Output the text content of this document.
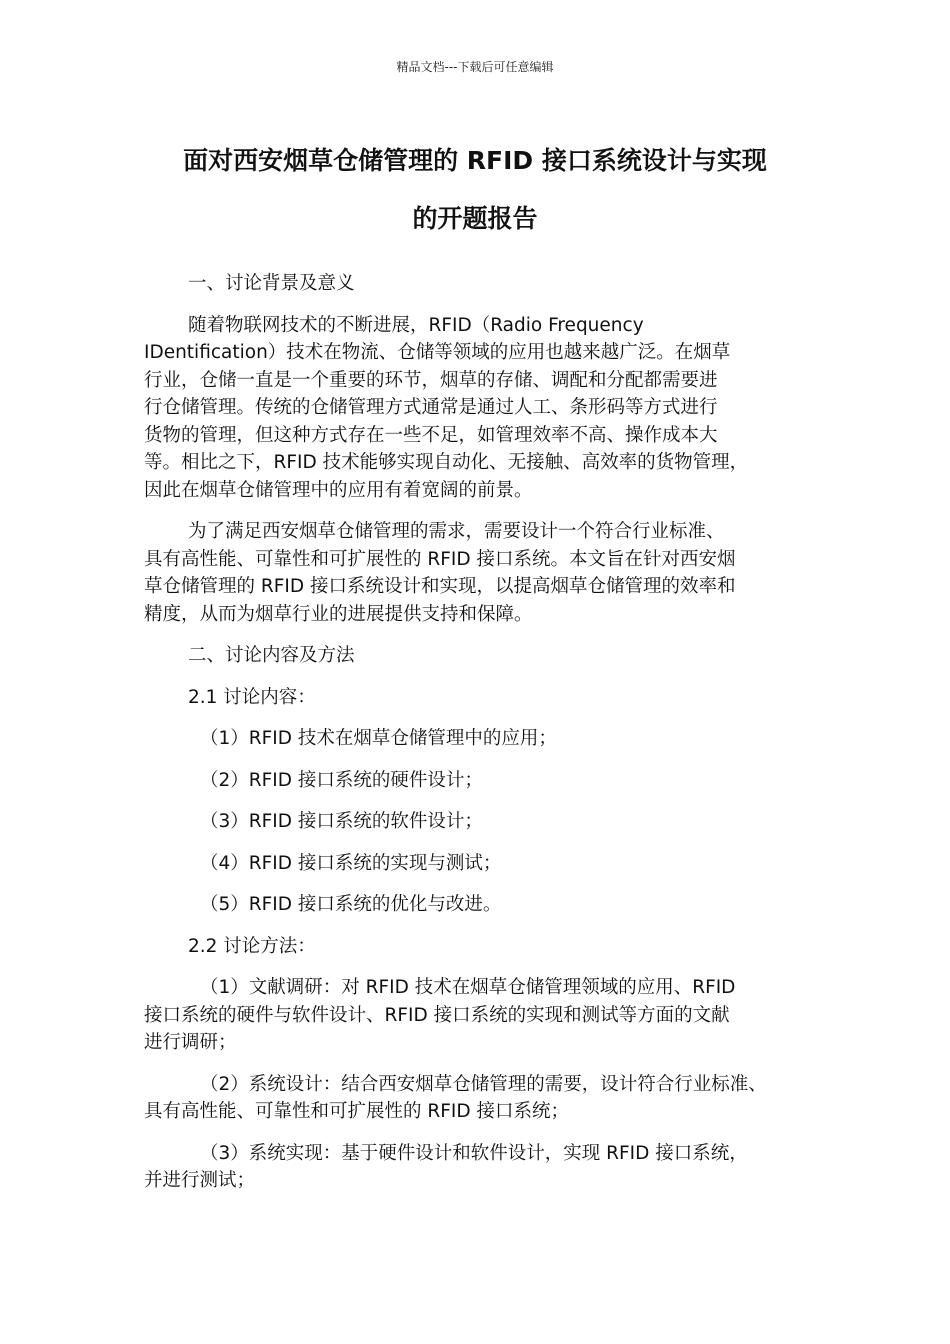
精品文档---下载后可任意编辑
面对西安烟草仓储管理的 RFID 接口系统设计与实现
的开题报告

一、讨论背景及意义

随着物联网技术的不断进展，RFID（Radio Frequency
IDentification）技术在物流、仓储等领域的应用也越来越广泛。在烟草
行业，仓储一直是一个重要的环节，烟草的存储、调配和分配都需要进
行仓储管理。传统的仓储管理方式通常是通过人工、条形码等方式进行
货物的管理，但这种方式存在一些不足，如管理效率不高、操作成本大
等。相比之下，RFID 技术能够实现自动化、无接触、高效率的货物管理，
因此在烟草仓储管理中的应用有着宽阔的前景。

为了满足西安烟草仓储管理的需求，需要设计一个符合行业标准、
具有高性能、可靠性和可扩展性的 RFID 接口系统。本文旨在针对西安烟
草仓储管理的 RFID 接口系统设计和实现，以提高烟草仓储管理的效率和
精度，从而为烟草行业的进展提供支持和保障。

二、讨论内容及方法

2.1 讨论内容：

（1）RFID 技术在烟草仓储管理中的应用；

（2）RFID 接口系统的硬件设计；

（3）RFID 接口系统的软件设计；

（4）RFID 接口系统的实现与测试；

（5）RFID 接口系统的优化与改进。

2.2 讨论方法：

（1）文献调研：对 RFID 技术在烟草仓储管理领域的应用、RFID
接口系统的硬件与软件设计、RFID 接口系统的实现和测试等方面的文献
进行调研；

（2）系统设计：结合西安烟草仓储管理的需要，设计符合行业标准、
具有高性能、可靠性和可扩展性的 RFID 接口系统；

（3）系统实现：基于硬件设计和软件设计，实现 RFID 接口系统，
并进行测试；
